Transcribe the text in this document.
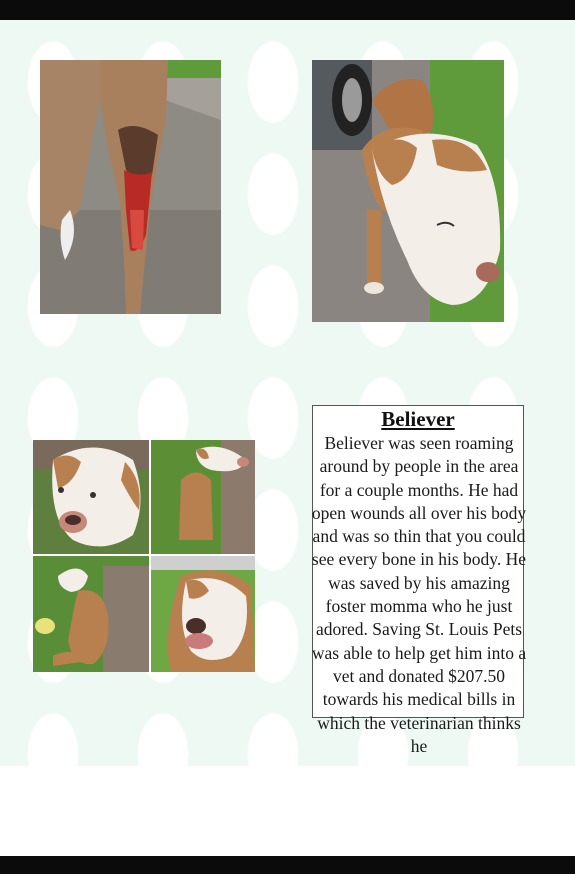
Believer

Believer was seen roaming around by people in the area for a couple months. He had open wounds all over his body and was so thin that you could see every bone in his body. He was saved by his amazing foster momma who he just adored. Saving St. Louis Pets was able to help get him into a vet and donated $207.50 towards his medical bills in which the veterinarian thinks he
